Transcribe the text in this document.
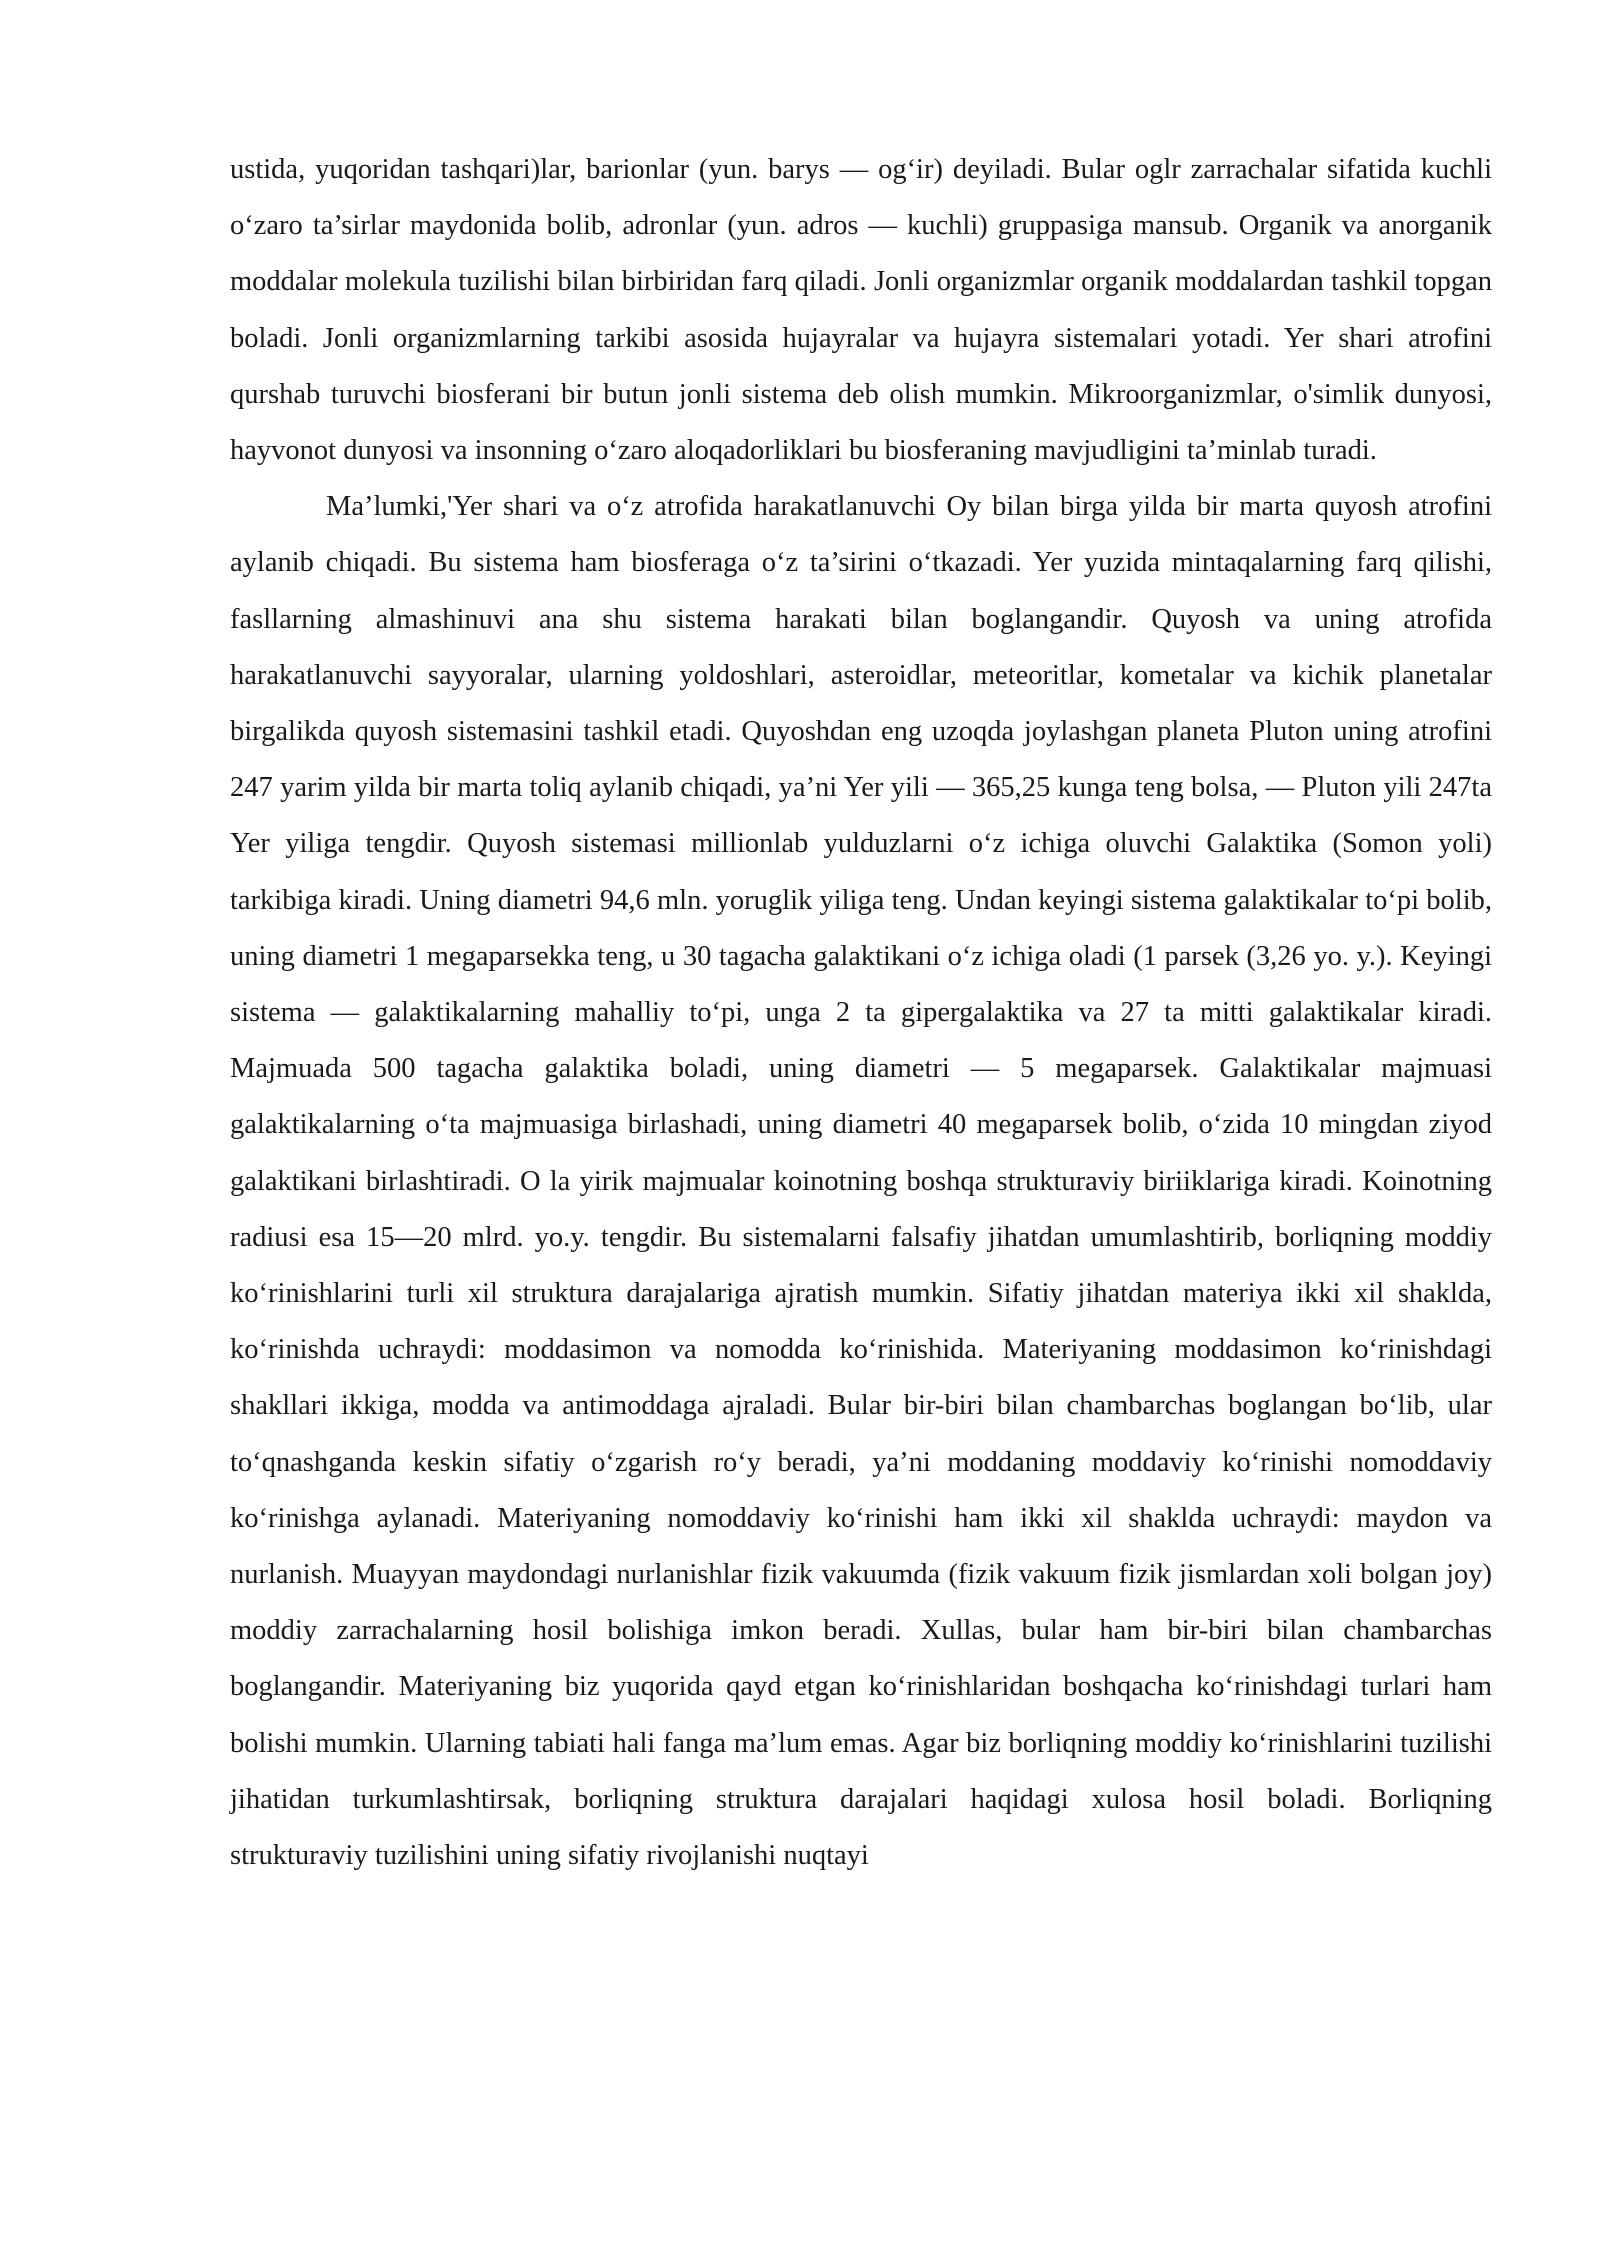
ustida, yuqoridan tashqari)lar, barionlar (yun. barys — og‘ir) deyiladi. Bular oglr zarrachalar sifatida kuchli o‘zaro ta’sirlar maydonida bolib, adronlar (yun. adros — kuchli) gruppasiga mansub. Organik va anorganik moddalar molekula tuzilishi bilan birbiridan farq qiladi. Jonli organizmlar organik moddalardan tashkil topgan boladi. Jonli organizmlarning tarkibi asosida hujayralar va hujayra sistemalari yotadi. Yer shari atrofini qurshab turuvchi biosferani bir butun jonli sistema deb olish mumkin. Mikroorganizmlar, o'simlik dunyosi, hayvonot dunyosi va insonning o‘zaro aloqadorliklari bu biosferaning mavjudligini ta’minlab turadi.

Ma’lumki,'Yer shari va o‘z atrofida harakatlanuvchi Oy bilan birga yilda bir marta quyosh atrofini aylanib chiqadi. Bu sistema ham biosferaga o‘z ta’sirini o‘tkazadi. Yer yuzida mintaqalarning farq qilishi, fasllarning almashinuvi ana shu sistema harakati bilan boglangandir. Quyosh va uning atrofida harakatlanuvchi sayyoralar, ularning yoldoshlari, asteroidlar, meteoritlar, kometalar va kichik planetalar birgalikda quyosh sistemasini tashkil etadi. Quyoshdan eng uzoqda joylashgan planeta Pluton uning atrofini 247 yarim yilda bir marta toliq aylanib chiqadi, ya’ni Yer yili — 365,25 kunga teng bolsa, — Pluton yili 247ta Yer yiliga tengdir. Quyosh sistemasi millionlab yulduzlarni o‘z ichiga oluvchi Galaktika (Somon yoli) tarkibiga kiradi. Uning diametri 94,6 mln. yoruglik yiliga teng. Undan keyingi sistema galaktikalar to‘pi bolib, uning diametri 1 megaparsekka teng, u 30 tagacha galaktikani o‘z ichiga oladi (1 parsek (3,26 yo. y.). Keyingi sistema — galaktikalarning mahalliy to‘pi, unga 2 ta gipergalaktika va 27 ta mitti galaktikalar kiradi. Majmuada 500 tagacha galaktika boladi, uning diametri — 5 megaparsek. Galaktikalar majmuasi galaktikalarning o‘ta majmuasiga birlashadi, uning diametri 40 megaparsek bolib, o‘zida 10 mingdan ziyod galaktikani birlashtiradi. O la yirik majmualar koinotning boshqa strukturaviy biriiklariga kiradi. Koinotning radiusi esa 15—20 mlrd. yo.y. tengdir. Bu sistemalarni falsafiy jihatdan umumlashtirib, borliqning moddiy ko‘rinishlarini turli xil struktura darajalariga ajratish mumkin. Sifatiy jihatdan materiya ikki xil shaklda, ko‘rinishda uchraydi: moddasimon va nomodda ko‘rinishida. Materiyaning moddasimon ko‘rinishdagi shakllari ikkiga, modda va antimoddaga ajraladi. Bular bir-biri bilan chambarchas boglangan bo‘lib, ular to‘qnashganda keskin sifatiy o‘zgarish ro‘y beradi, ya’ni moddaning moddaviy ko‘rinishi nomoddaviy ko‘rinishga aylanadi. Materiyaning nomoddaviy ko‘rinishi ham ikki xil shaklda uchraydi: maydon va nurlanish. Muayyan maydondagi nurlanishlar fizik vakuumda (fizik vakuum fizik jismlardan xoli bolgan joy) moddiy zarrachalarning hosil bolishiga imkon beradi. Xullas, bular ham bir-biri bilan chambarchas boglangandir. Materiyaning biz yuqorida qayd etgan ko‘rinishlaridan boshqacha ko‘rinishdagi turlari ham bolishi mumkin. Ularning tabiati hali fanga ma’lum emas. Agar biz borliqning moddiy ko‘rinishlarini tuzilishi jihatidan turkumlashtirsak, borliqning struktura darajalari haqidagi xulosa hosil boladi. Borliqning strukturaviy tuzilishini uning sifatiy rivojlanishi nuqtayi
